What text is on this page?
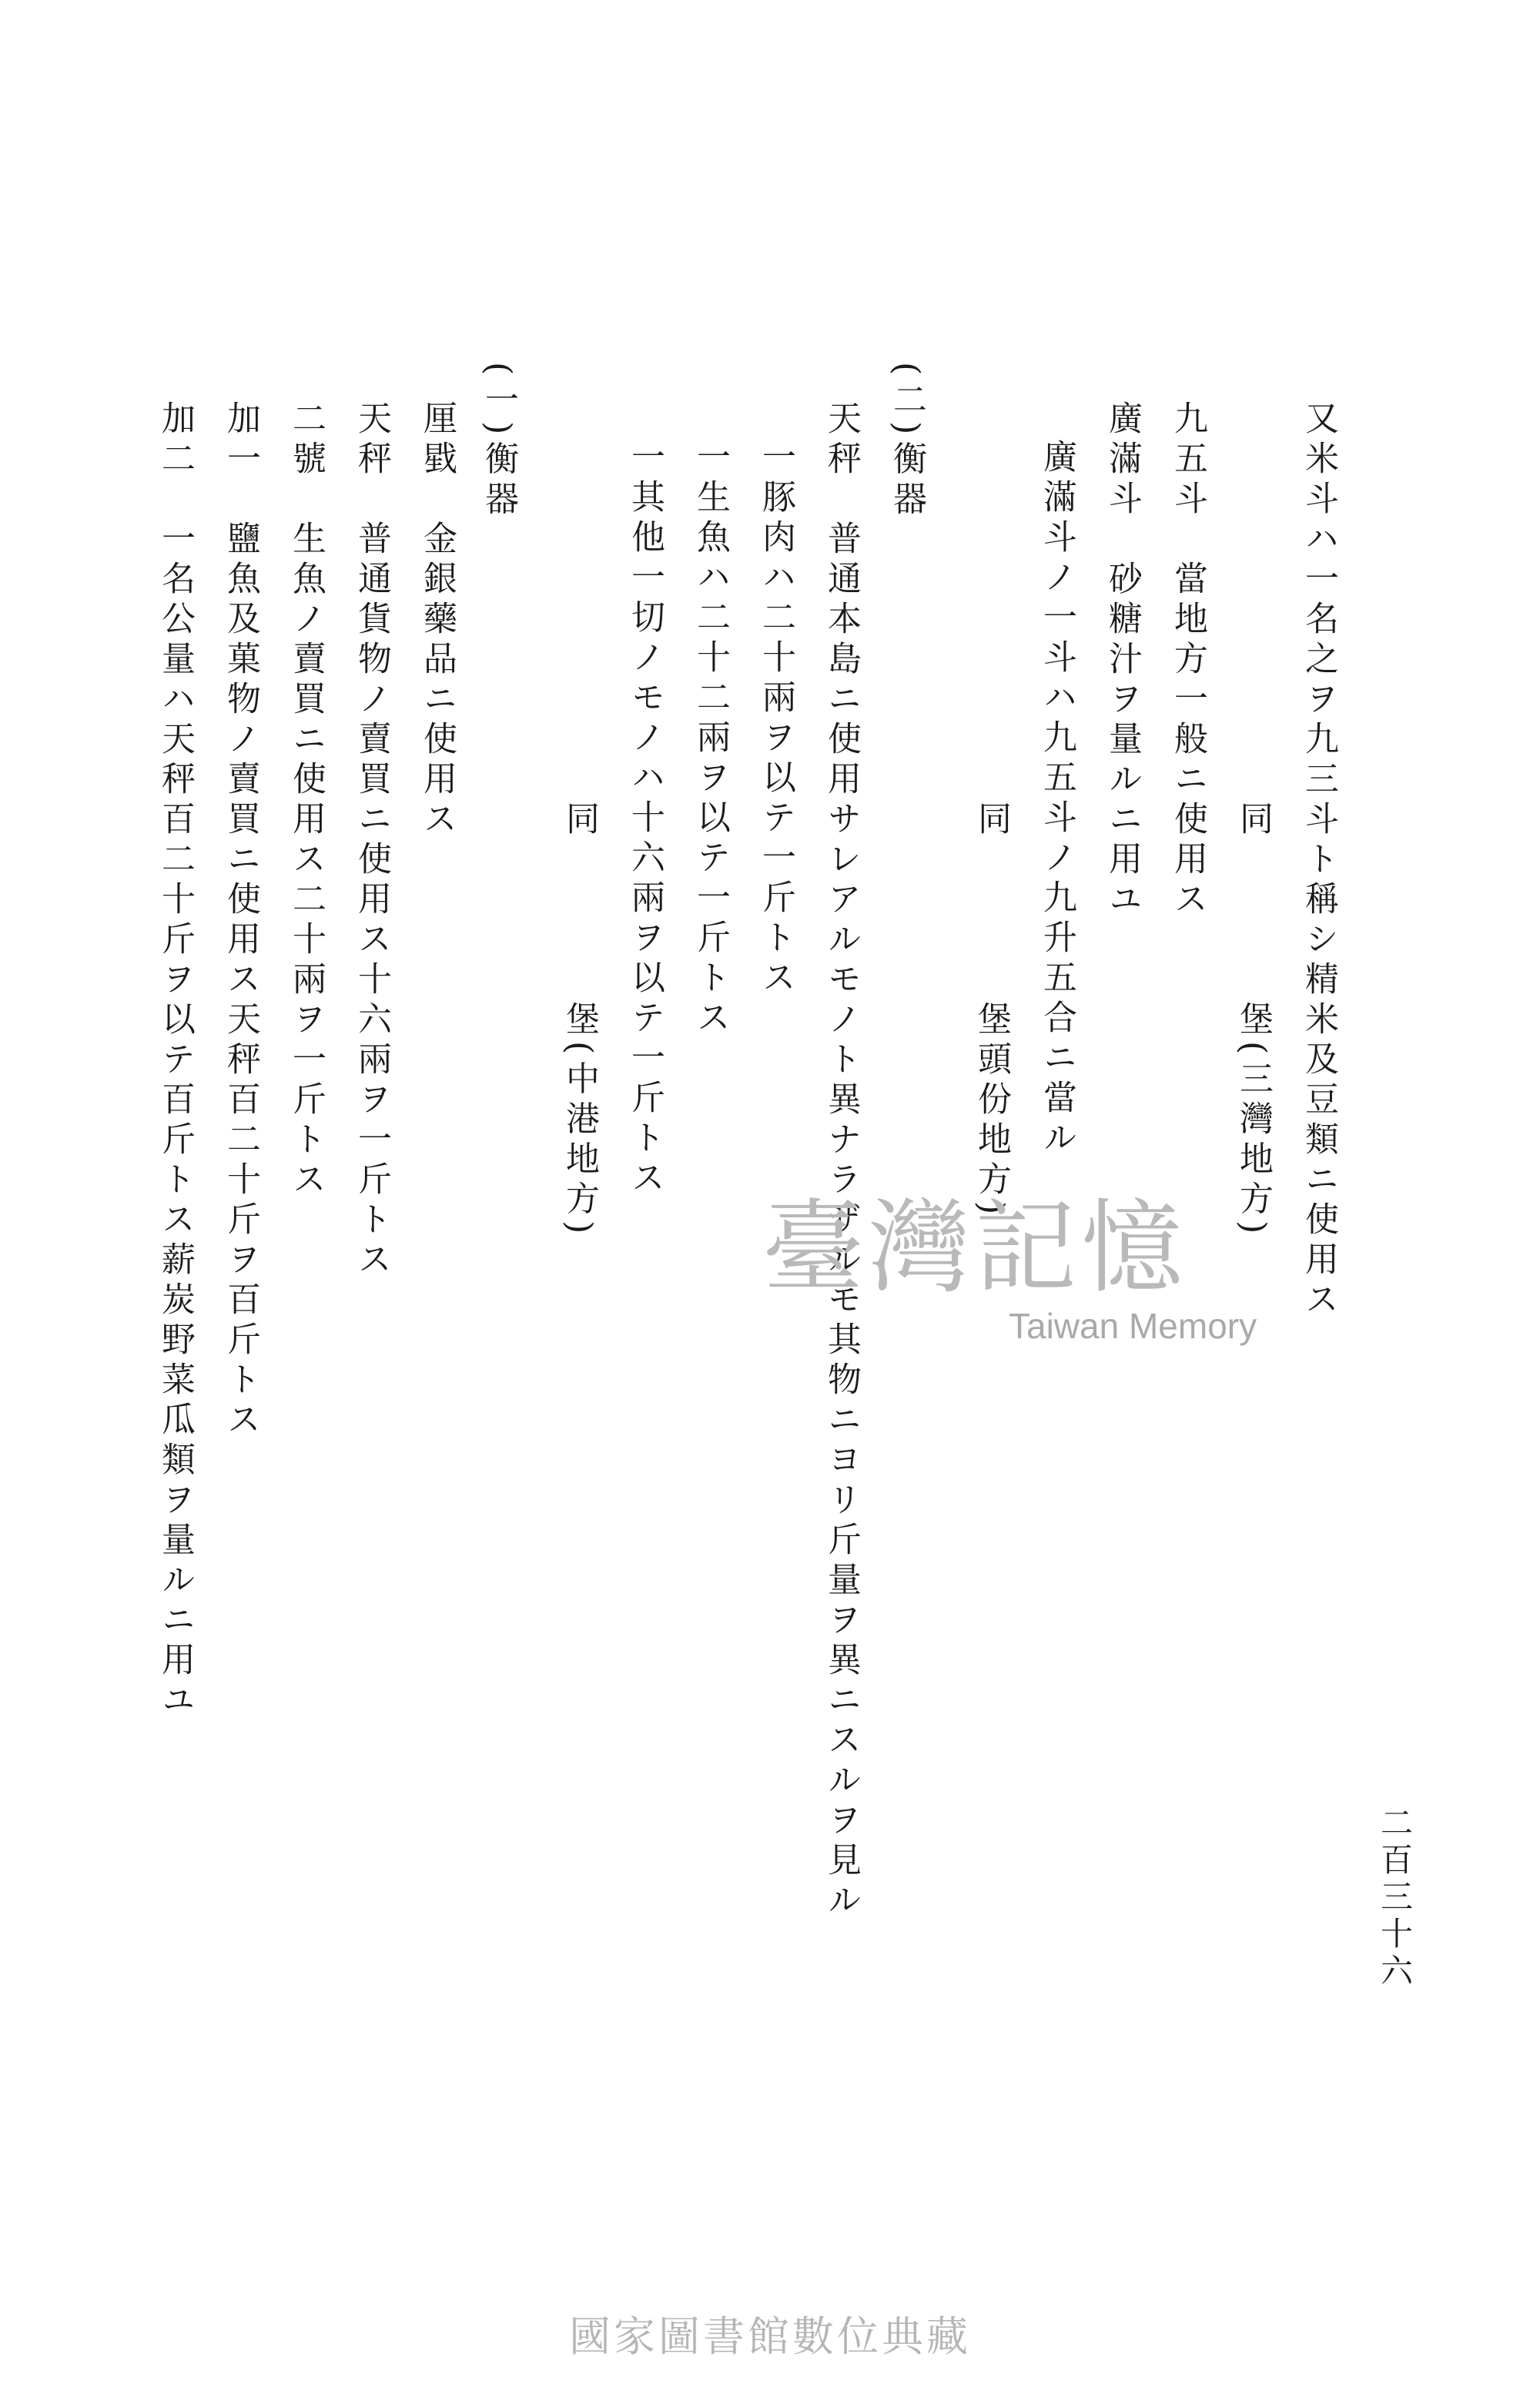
二百三十六
又米斗ハ一名之ヲ九三斗ト稱シ精米及豆類ニ使用ス
同　　　　堡(三灣地方)
九五斗　當地方一般ニ使用ス
廣滿斗　砂糖汁ヲ量ルニ用ユ
廣滿斗ノ一斗ハ九五斗ノ九升五合ニ當ル
同　　　　堡頭份地方)
(二)衡器
天秤　普通本島ニ使用サレアルモノト異ナラザルモ其物ニヨリ斤量ヲ異ニスルヲ見ル
一豚肉ハ二十兩ヲ以テ一斤トス
一生魚ハ二十二兩ヲ以テ一斤トス
一其他一切ノモノハ十六兩ヲ以テ一斤トス
同　　　　堡(中港地方)
(一)衡器
厘戥　金銀藥品ニ使用ス
天秤　普通貨物ノ賣買ニ使用ス十六兩ヲ一斤トス
二號　生魚ノ賣買ニ使用ス二十兩ヲ一斤トス
加一　鹽魚及菓物ノ賣買ニ使用ス天秤百二十斤ヲ百斤トス
加二　一名公量ハ天秤百二十斤ヲ以テ百斤トス薪炭野菜瓜類ヲ量ルニ用ユ	臺灣記憶
Taiwan Memory
國家圖書館數位典藏
